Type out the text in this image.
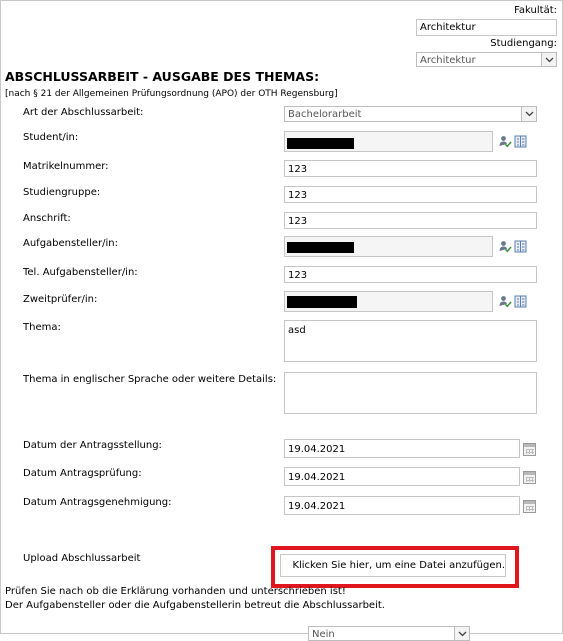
Fakultät:
Architektur
Studiengang:
Architektur
ABSCHLUSSARBEIT - AUSGABE DES THEMAS:
[nach § 21 der Allgemeinen Prüfungsordnung (APO) der OTH Regensburg]
Art der Abschlussarbeit:	Bachelorarbeit
Student/in:
Matrikelnummer:	123
Studiengruppe:	123
Anschrift:	123
Aufgabensteller/in:
Tel. Aufgabensteller/in:	123
Zweitprüfer/in:
Thema:	asd
Thema in englischer Sprache oder weitere Details:
Datum der Antragsstellung:	19.04.2021
Datum Antragsprüfung:	19.04.2021
Datum Antragsgenehmigung:	19.04.2021
Upload Abschlussarbeit
Klicken Sie hier, um eine Datei anzufügen.
Prüfen Sie nach ob die Erklärung vorhanden und unterschrieben ist!
Der Aufgabensteller oder die Aufgabenstellerin betreut die Abschlussarbeit.
Nein
